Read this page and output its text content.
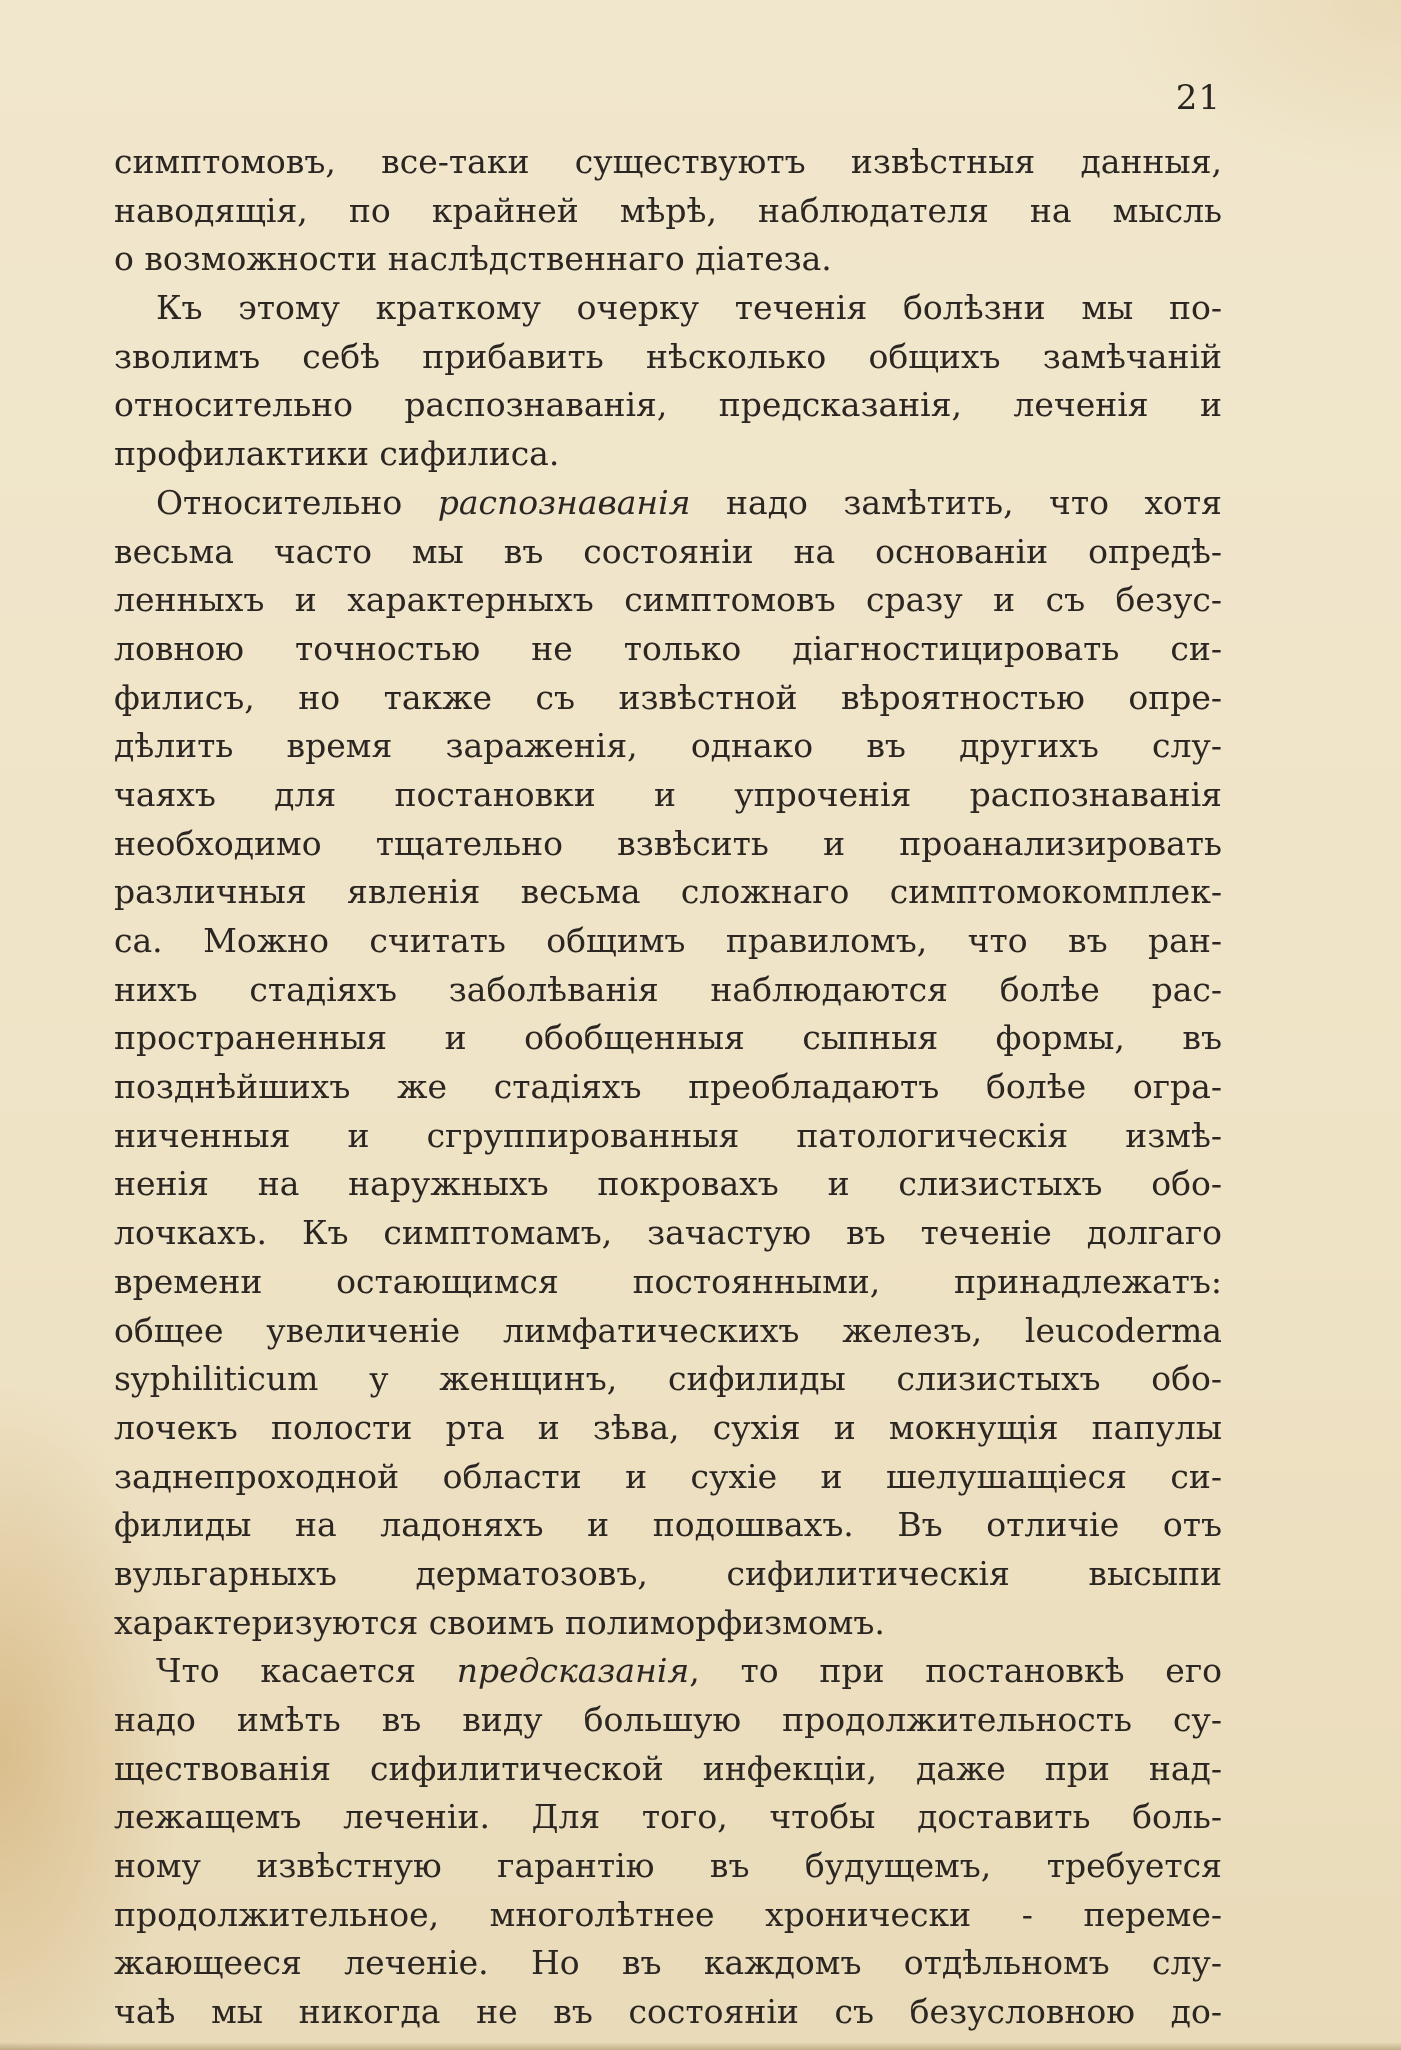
21
симптомовъ, все-таки существуютъ извѣстныя данныя,
наводящія, по крайней мѣрѣ, наблюдателя на мысль
о возможности наслѣдственнаго діатеза.
Къ этому краткому очерку теченія болѣзни мы по-
зволимъ себѣ прибавить нѣсколько общихъ замѣчаній
относительно распознаванія, предсказанія, леченія и
профилактики сифилиса.
Относительно распознаванія надо замѣтить, что хотя
весьма часто мы въ состояніи на основаніи опредѣ-
ленныхъ и характерныхъ симптомовъ сразу и съ безус-
ловною точностью не только діагностицировать си-
филисъ, но также съ извѣстной вѣроятностью опре-
дѣлить время зараженія, однако въ другихъ слу-
чаяхъ для постановки и упроченія распознаванія
необходимо тщательно взвѣсить и проанализировать
различныя явленія весьма сложнаго симптомокомплек-
са. Можно считать общимъ правиломъ, что въ ран-
нихъ стадіяхъ заболѣванія наблюдаются болѣе рас-
пространенныя и обобщенныя сыпныя формы, въ
позднѣйшихъ же стадіяхъ преобладаютъ болѣе огра-
ниченныя и сгруппированныя патологическія измѣ-
ненія на наружныхъ покровахъ и слизистыхъ обо-
лочкахъ. Къ симптомамъ, зачастую въ теченіе долгаго
времени остающимся постоянными, принадлежатъ:
общее увеличеніе лимфатическихъ железъ, leucoderma
syphiliticum у женщинъ, сифилиды слизистыхъ обо-
лочекъ полости рта и зѣва, сухія и мокнущія папулы
заднепроходной области и сухіе и шелушащіеся си-
филиды на ладоняхъ и подошвахъ. Въ отличіе отъ
вульгарныхъ дерматозовъ, сифилитическія высыпи
характеризуются своимъ полиморфизмомъ.
Что касается предсказанія, то при постановкѣ его
надо имѣть въ виду большую продолжительность су-
ществованія сифилитической инфекціи, даже при над-
лежащемъ леченіи. Для того, чтобы доставить боль-
ному извѣстную гарантію въ будущемъ, требуется
продолжительное, многолѣтнее хронически - переме-
жающееся леченіе. Но въ каждомъ отдѣльномъ слу-
чаѣ мы никогда не въ состояніи съ безусловною до-
